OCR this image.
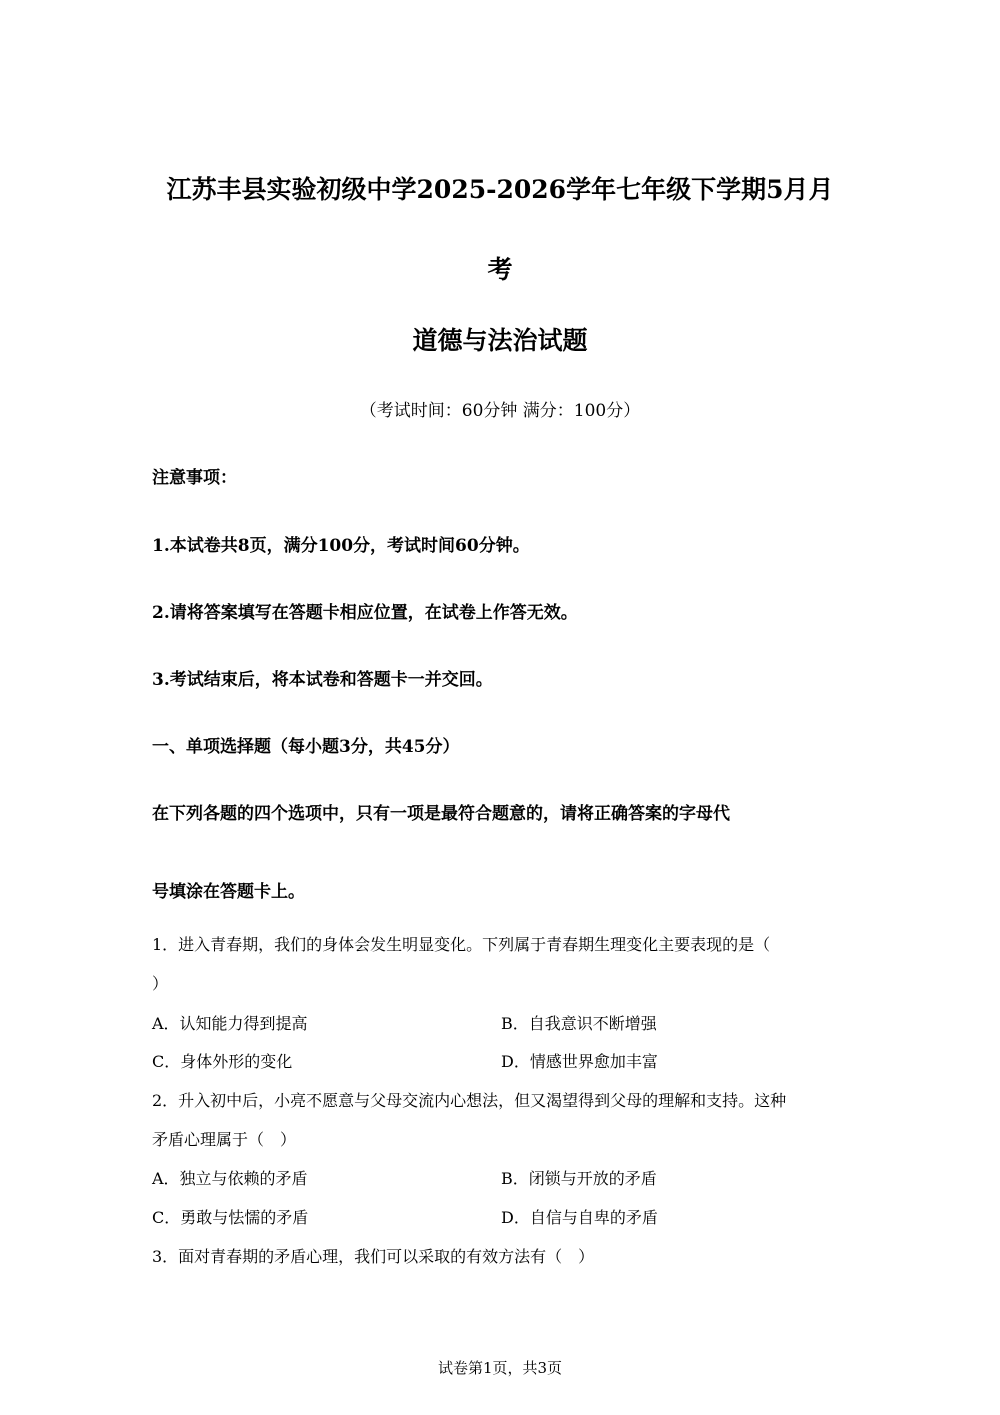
江苏丰县实验初级中学2025-2026学年七年级下学期5月月
考
道德与法治试题
（考试时间：60分钟 满分：100分）
注意事项：
1.本试卷共8页，满分100分，考试时间60分钟。
2.请将答案填写在答题卡相应位置，在试卷上作答无效。
3.考试结束后，将本试卷和答题卡一并交回。
一、单项选择题（每小题3分，共45分）
在下列各题的四个选项中，只有一项是最符合题意的，请将正确答案的字母代
号填涂在答题卡上。
1．进入青春期，我们的身体会发生明显变化。下列属于青春期生理变化主要表现的是（
）
A．认知能力得到提高	B．自我意识不断增强
C．身体外形的变化	D．情感世界愈加丰富
2．升入初中后，小亮不愿意与父母交流内心想法，但又渴望得到父母的理解和支持。这种
矛盾心理属于（　）
A．独立与依赖的矛盾	B．闭锁与开放的矛盾
C．勇敢与怯懦的矛盾	D．自信与自卑的矛盾
3．面对青春期的矛盾心理，我们可以采取的有效方法有（　）
试卷第1页，共3页
